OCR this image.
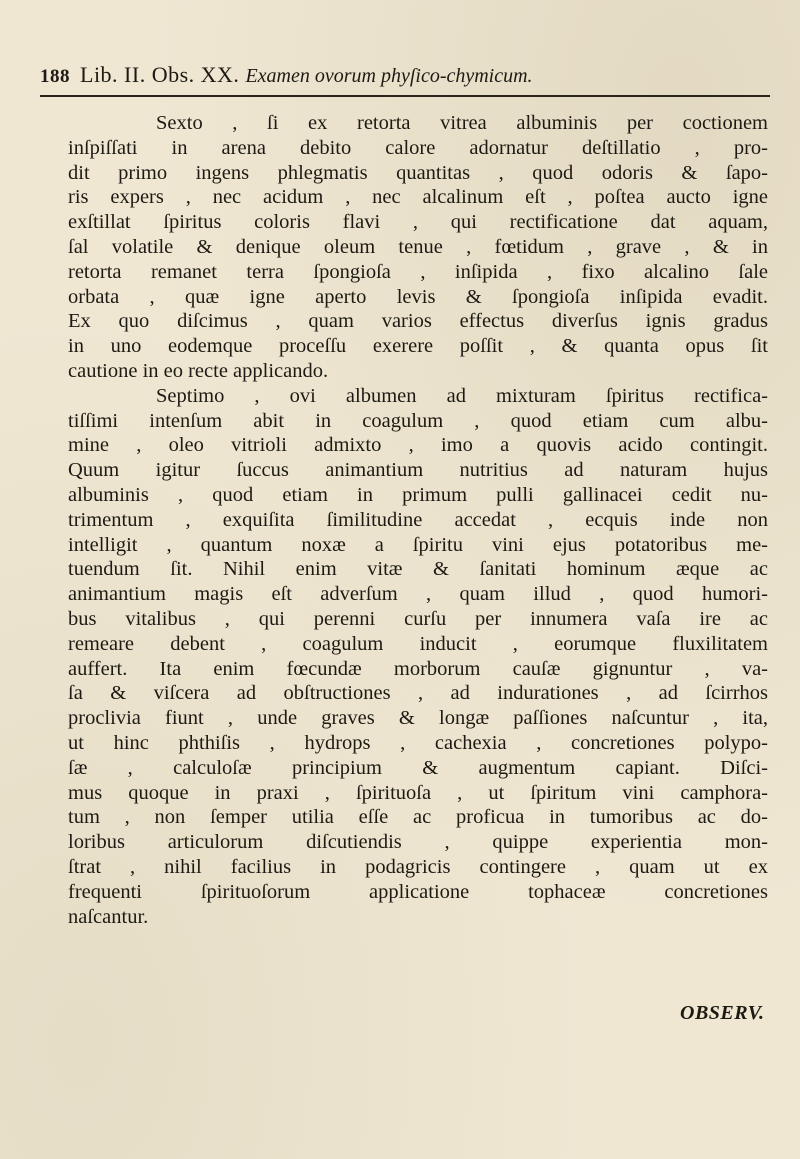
188 Lib. II. Obs. XX. Examen ovorum phyſico-chymicum.
Sexto , ſi ex retorta vitrea albuminis per coctionem
inſpiſſati in arena debito calore adornatur deſtillatio , pro-
dit primo ingens phlegmatis quantitas , quod odoris & ſapo-
ris expers , nec acidum , nec alcalinum eſt , poſtea aucto igne
exſtillat ſpiritus coloris flavi , qui rectificatione dat aquam,
ſal volatile & denique oleum tenue , fœtidum , grave , & in
retorta remanet terra ſpongioſa , inſipida , fixo alcalino ſale
orbata , quæ igne aperto levis & ſpongioſa inſipida evadit.
Ex quo diſcimus , quam varios effectus diverſus ignis gradus
in uno eodemque proceſſu exerere poſſit , & quanta opus ſit
cautione in eo recte applicando.
Septimo , ovi albumen ad mixturam ſpiritus rectifica-
tiſſimi intenſum abit in coagulum , quod etiam cum albu-
mine , oleo vitrioli admixto , imo a quovis acido contingit.
Quum igitur ſuccus animantium nutritius ad naturam hujus
albuminis , quod etiam in primum pulli gallinacei cedit nu-
trimentum , exquiſita ſimilitudine accedat , ecquis inde non
intelligit , quantum noxæ a ſpiritu vini ejus potatoribus me-
tuendum ſit. Nihil enim vitæ & ſanitati hominum æque ac
animantium magis eſt adverſum , quam illud , quod humori-
bus vitalibus , qui perenni curſu per innumera vaſa ire ac
remeare debent , coagulum inducit , eorumque fluxilitatem
auffert. Ita enim fœcundæ morborum cauſæ gignuntur , va-
ſa & viſcera ad obſtructiones , ad indurationes , ad ſcirrhos
proclivia fiunt , unde graves & longæ paſſiones naſcuntur , ita,
ut hinc phthiſis , hydrops , cachexia , concretiones polypo-
ſæ , calculoſæ principium & augmentum capiant. Diſci-
mus quoque in praxi , ſpirituoſa , ut ſpiritum vini camphora-
tum , non ſemper utilia eſſe ac proficua in tumoribus ac do-
loribus articulorum diſcutiendis , quippe experientia mon-
ſtrat , nihil facilius in podagricis contingere , quam ut ex
frequenti ſpirituoſorum applicatione tophaceæ concretiones
naſcantur.
OBSERV.
